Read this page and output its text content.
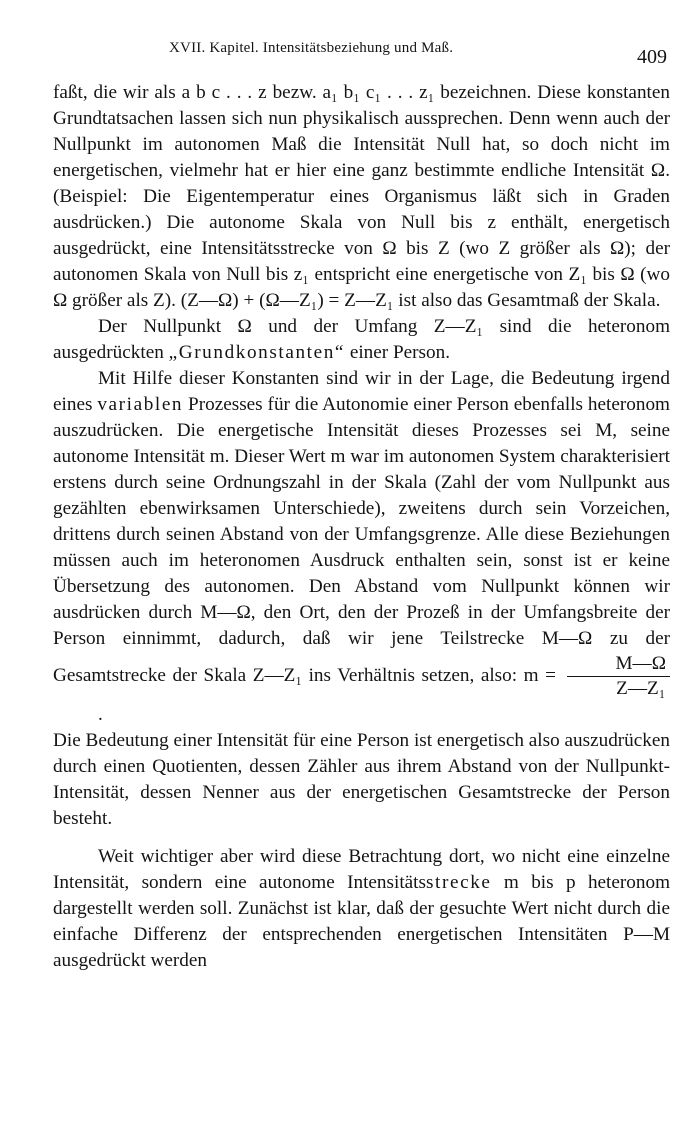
XVII. Kapitel. Intensitätsbeziehung und Maß.	409

faßt, die wir als a b c . . . z bezw. a₁ b₁ c₁ . . . z₁ bezeichnen. Diese konstanten Grundtatsachen lassen sich nun physikalisch aussprechen. Denn wenn auch der Nullpunkt im autonomen Maß die Intensität Null hat, so doch nicht im energetischen, vielmehr hat er hier eine ganz bestimmte endliche Intensität Ω. (Beispiel: Die Eigentemperatur eines Organismus läßt sich in Graden ausdrücken.) Die autonome Skala von Null bis z enthält, energetisch ausgedrückt, eine Intensitätsstrecke von Ω bis Z (wo Z größer als Ω); der autonomen Skala von Null bis z₁ entspricht eine energetische von Z₁ bis Ω (wo Ω größer als Z). (Z—Ω) + (Ω—Z₁) = Z—Z₁ ist also das Gesamtmaß der Skala.

Der Nullpunkt Ω und der Umfang Z—Z₁ sind die heteronom ausgedrückten „Grundkonstanten“ einer Person.

Mit Hilfe dieser Konstanten sind wir in der Lage, die Bedeutung irgend eines variablen Prozesses für die Autonomie einer Person ebenfalls heteronom auszudrücken. Die energetische Intensität dieses Prozesses sei M, seine autonome Intensität m. Dieser Wert m war im autonomen System charakterisiert erstens durch seine Ordnungszahl in der Skala (Zahl der vom Nullpunkt aus gezählten ebenwirksamen Unterschiede), zweitens durch sein Vorzeichen, drittens durch seinen Abstand von der Umfangsgrenze. Alle diese Beziehungen müssen auch im heteronomen Ausdruck enthalten sein, sonst ist er keine Übersetzung des autonomen. Den Abstand vom Nullpunkt können wir ausdrücken durch M—Ω, den Ort, den der Prozeß in der Umfangsbreite der Person einnimmt, dadurch, daß wir jene Teilstrecke M—Ω zu der Gesamtstrecke der Skala Z—Z₁ ins Verhältnis setzen, also: $m = \frac{M—\Omega}{\text{Z—Z₁}}$
.

Die Bedeutung einer Intensität für eine Person ist energetisch also auszudrücken durch einen Quotienten, dessen Zähler aus ihrem Abstand von der Nullpunkt-Intensität, dessen Nenner aus der energetischen Gesamtstrecke der Person besteht.

Weit wichtiger aber wird diese Betrachtung dort, wo nicht eine einzelne Intensität, sondern eine autonome Intensitätsstrecke m bis p heteronom dargestellt werden soll. Zunächst ist klar, daß der gesuchte Wert nicht durch die einfache Differenz der entsprechenden energetischen Intensitäten P—M ausgedrückt werden
